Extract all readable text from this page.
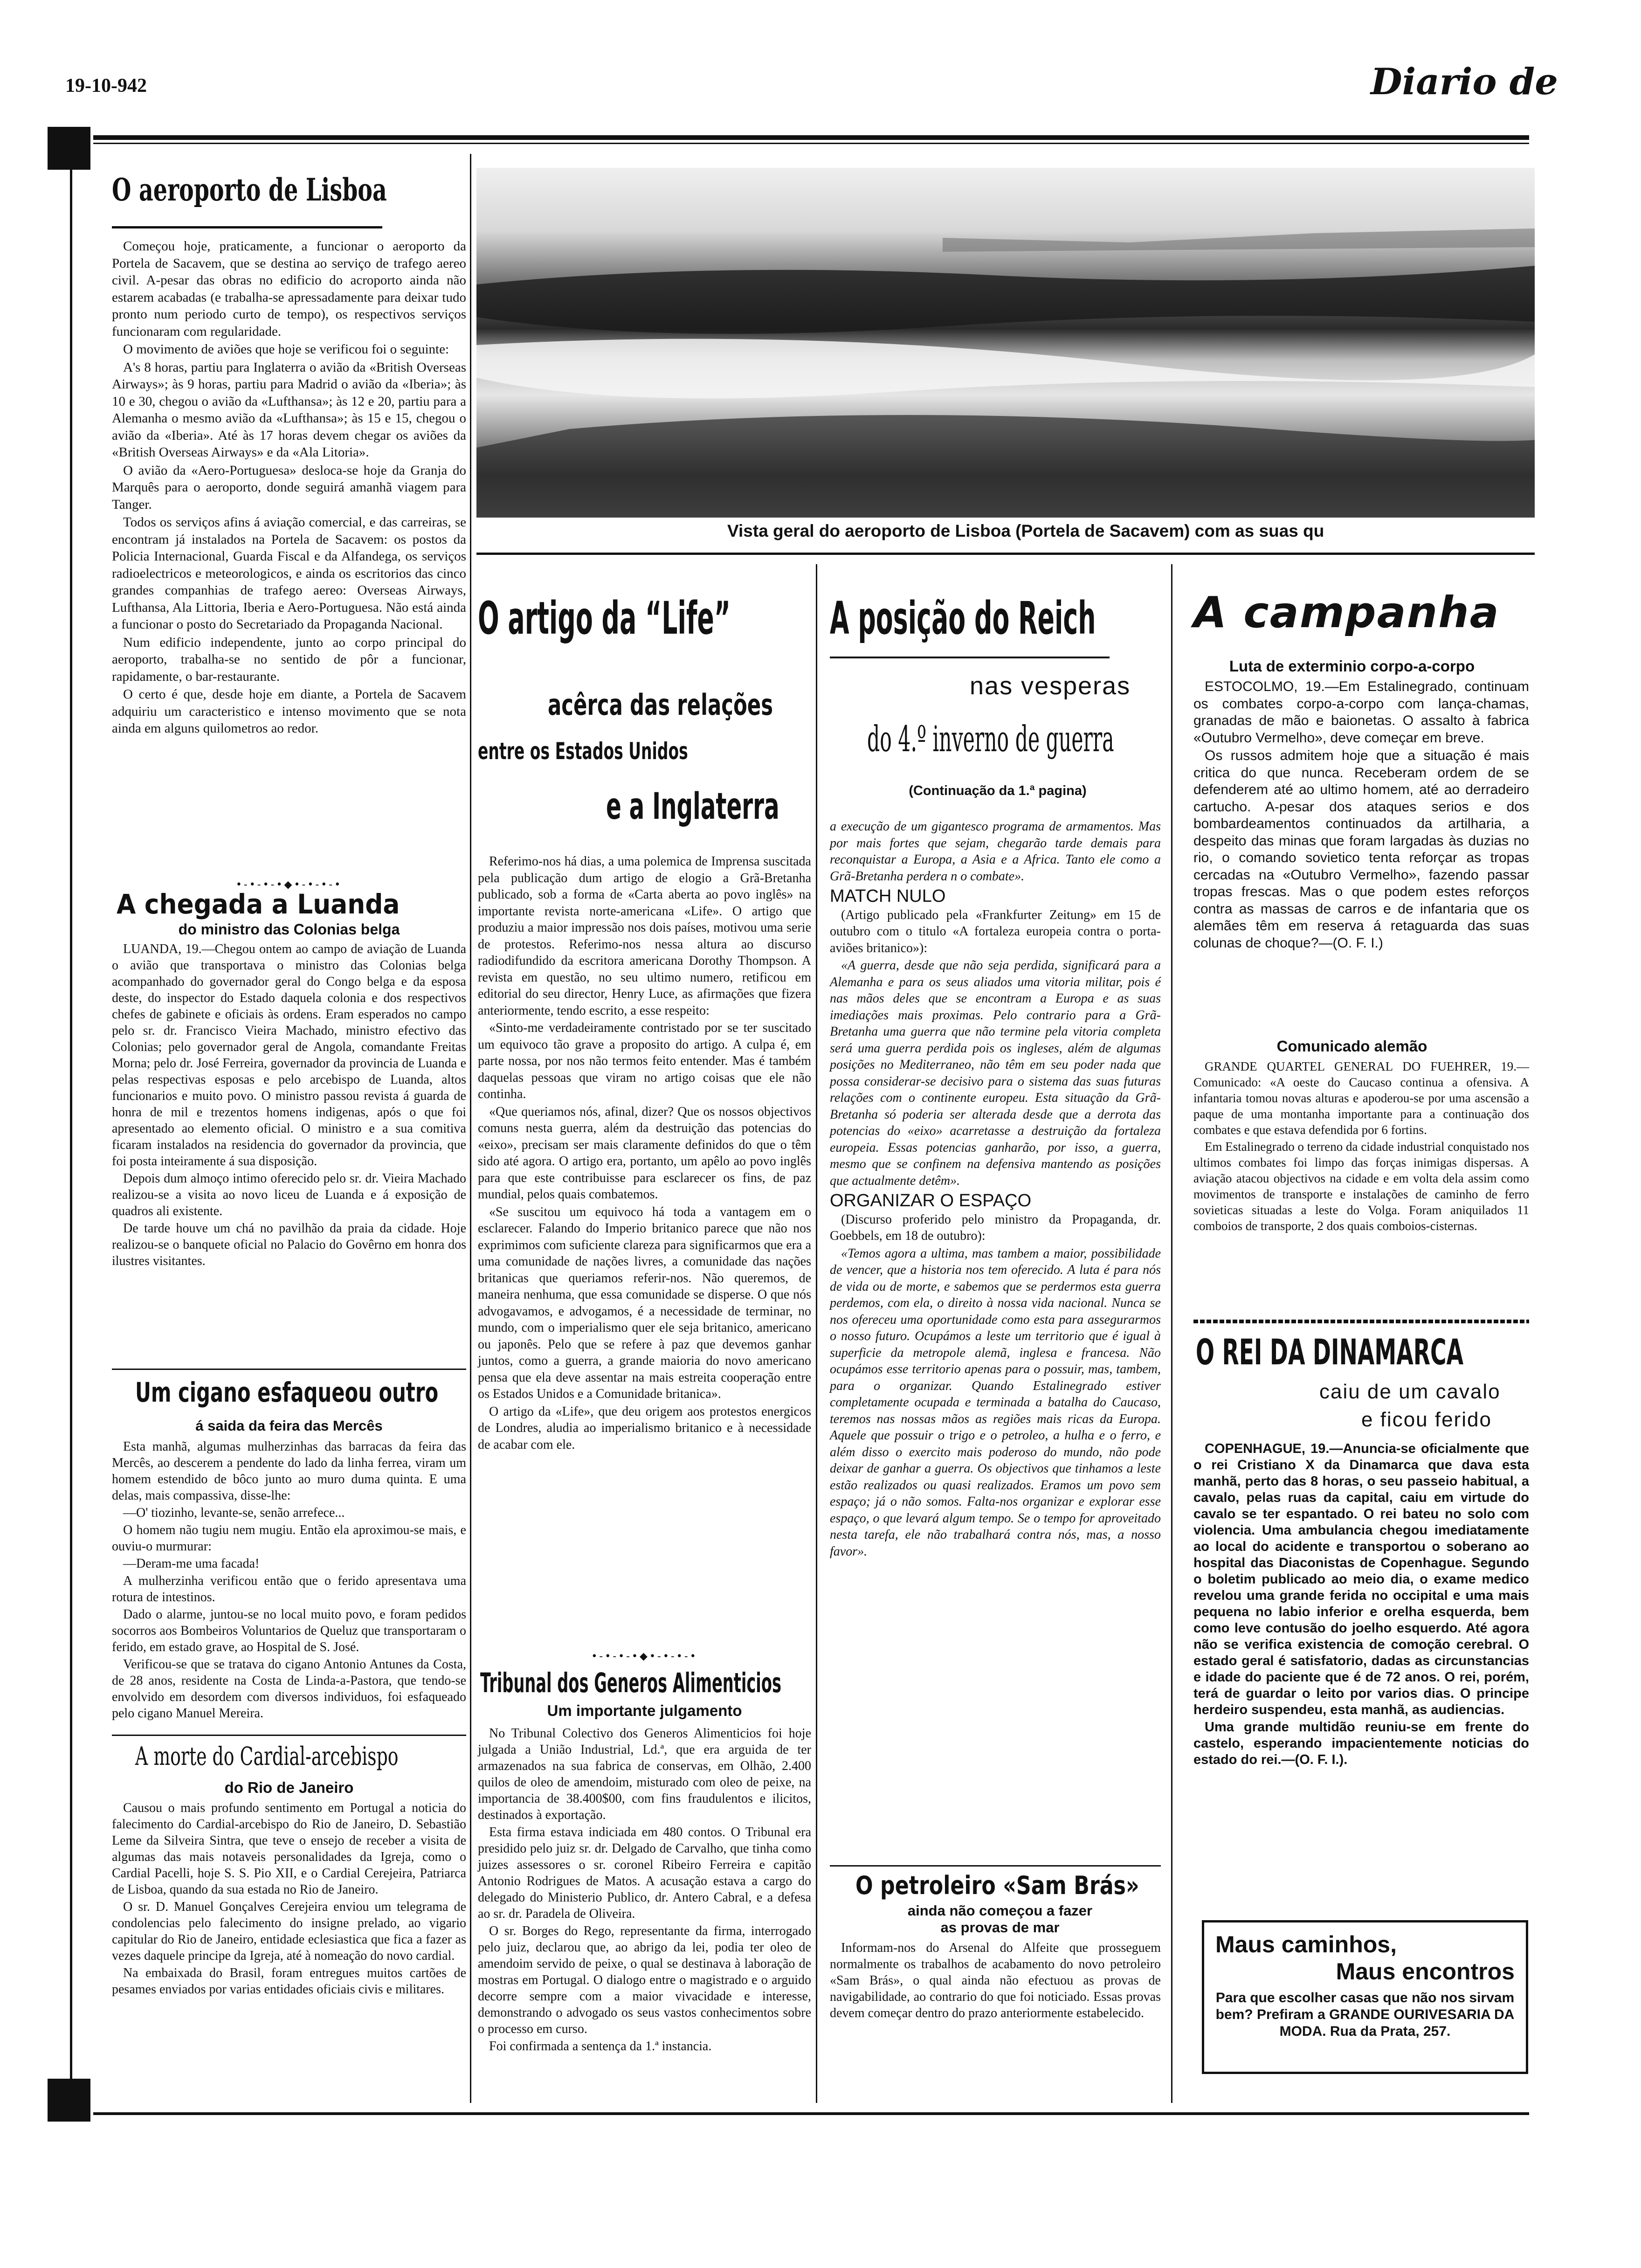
19-10-942	Diario de
Vista geral do aeroporto de Lisboa (Portela de Sacavem) com as suas qu
O aeroporto de Lisboa

Começou hoje, praticamente, a funcionar o aeroporto da Portela de Sacavem, que se destina ao serviço de trafego aereo civil. A-pesar das obras no edificio do acroporto ainda não estarem acabadas (e trabalha-se apressadamente para deixar tudo pronto num periodo curto de tempo), os respectivos serviços funcionaram com regularidade.

O movimento de aviões que hoje se verificou foi o seguinte:

A's 8 horas, partiu para Inglaterra o avião da «British Overseas Airways»; às 9 horas, partiu para Madrid o avião da «Iberia»; às 10 e 30, chegou o avião da «Lufthansa»; às 12 e 20, partiu para a Alemanha o mesmo avião da «Lufthansa»; às 15 e 15, chegou o avião da «Iberia». Até às 17 horas devem chegar os aviões da «British Overseas Airways» e da «Ala Litoria».

O avião da «Aero-Portuguesa» desloca-se hoje da Granja do Marquês para o aeroporto, donde seguirá amanhã viagem para Tanger.

Todos os serviços afins á aviação comercial, e das carreiras, se encontram já instalados na Portela de Sacavem: os postos da Policia Internacional, Guarda Fiscal e da Alfandega, os serviços radioelectricos e meteorologicos, e ainda os escritorios das cinco grandes companhias de trafego aereo: Overseas Airways, Lufthansa, Ala Littoria, Iberia e Aero-Portuguesa. Não está ainda a funcionar o posto do Secretariado da Propaganda Nacional.

Num edificio independente, junto ao corpo principal do aeroporto, trabalha-se no sentido de pôr a funcionar, rapidamente, o bar-restaurante.

O certo é que, desde hoje em diante, a Portela de Sacavem adquiriu um caracteristico e intenso movimento que se nota ainda em alguns quilometros ao redor.

•-•-•-•◆•-•-•-•
A chegada a Luanda
do ministro das Colonias belga

LUANDA, 19.—Chegou ontem ao campo de aviação de Luanda o avião que transportava o ministro das Colonias belga acompanhado do governador geral do Congo belga e da esposa deste, do inspector do Estado daquela colonia e dos respectivos chefes de gabinete e oficiais às ordens. Eram esperados no campo pelo sr. dr. Francisco Vieira Machado, ministro efectivo das Colonias; pelo governador geral de Angola, comandante Freitas Morna; pelo dr. José Ferreira, governador da provincia de Luanda e pelas respectivas esposas e pelo arcebispo de Luanda, altos funcionarios e muito povo. O ministro passou revista á guarda de honra de mil e trezentos homens indigenas, após o que foi apresentado ao elemento oficial. O ministro e a sua comitiva ficaram instalados na residencia do governador da provincia, que foi posta inteiramente á sua disposição.

Depois dum almoço intimo oferecido pelo sr. dr. Vieira Machado realizou-se a visita ao novo liceu de Luanda e á exposição de quadros ali existente.

De tarde houve um chá no pavilhão da praia da cidade. Hoje realizou-se o banquete oficial no Palacio do Govêrno em honra dos ilustres visitantes.

Um cigano esfaqueou outro
á saida da feira das Mercês

Esta manhã, algumas mulherzinhas das barracas da feira das Mercês, ao descerem a pendente do lado da linha ferrea, viram um homem estendido de bôco junto ao muro duma quinta. E uma delas, mais compassiva, disse-lhe:

—O' tiozinho, levante-se, senão arrefece...

O homem não tugiu nem mugiu. Então ela aproximou-se mais, e ouviu-o murmurar:

—Deram-me uma facada!

A mulherzinha verificou então que o ferido apresentava uma rotura de intestinos.

Dado o alarme, juntou-se no local muito povo, e foram pedidos socorros aos Bombeiros Voluntarios de Queluz que transportaram o ferido, em estado grave, ao Hospital de S. José.

Verificou-se que se tratava do cigano Antonio Antunes da Costa, de 28 anos, residente na Costa de Linda-a-Pastora, que tendo-se envolvido em desordem com diversos individuos, foi esfaqueado pelo cigano Manuel Mereira.

A morte do Cardial-arcebispo
do Rio de Janeiro

Causou o mais profundo sentimento em Portugal a noticia do falecimento do Cardial-arcebispo do Rio de Janeiro, D. Sebastião Leme da Silveira Sintra, que teve o ensejo de receber a visita de algumas das mais notaveis personalidades da Igreja, como o Cardial Pacelli, hoje S. S. Pio XII, e o Cardial Cerejeira, Patriarca de Lisboa, quando da sua estada no Rio de Janeiro.

O sr. D. Manuel Gonçalves Cerejeira enviou um telegrama de condolencias pelo falecimento do insigne prelado, ao vigario capitular do Rio de Janeiro, entidade eclesiastica que fica a fazer as vezes daquele principe da Igreja, até à nomeação do novo cardial.

Na embaixada do Brasil, foram entregues muitos cartões de pesames enviados por varias entidades oficiais civis e militares.

O artigo da “Life”
acêrca das relações
entre os Estados Unidos
e a Inglaterra

Referimo-nos há dias, a uma polemica de Imprensa suscitada pela publicação dum artigo de elogio a Grã-Bretanha publicado, sob a forma de «Carta aberta ao povo inglês» na importante revista norte-americana «Life». O artigo que produziu a maior impressão nos dois países, motivou uma serie de protestos. Referimo-nos nessa altura ao discurso radiodifundido da escritora americana Dorothy Thompson. A revista em questão, no seu ultimo numero, retificou em editorial do seu director, Henry Luce, as afirmações que fizera anteriormente, tendo escrito, a esse respeito:

«Sinto-me verdadeiramente contristado por se ter suscitado um equivoco tão grave a proposito do artigo. A culpa é, em parte nossa, por nos não termos feito entender. Mas é também daquelas pessoas que viram no artigo coisas que ele não continha.

«Que queriamos nós, afinal, dizer? Que os nossos objectivos comuns nesta guerra, além da destruição das potencias do «eixo», precisam ser mais claramente definidos do que o têm sido até agora. O artigo era, portanto, um apêlo ao povo inglês para que este contribuisse para esclarecer os fins, de paz mundial, pelos quais combatemos.

«Se suscitou um equivoco há toda a vantagem em o esclarecer. Falando do Imperio britanico parece que não nos exprimimos com suficiente clareza para significarmos que era a uma comunidade de nações livres, a comunidade das nações britanicas que queriamos referir-nos. Não queremos, de maneira nenhuma, que essa comunidade se disperse. O que nós advogavamos, e advogamos, é a necessidade de terminar, no mundo, com o imperialismo quer ele seja britanico, americano ou japonês. Pelo que se refere à paz que devemos ganhar juntos, como a guerra, a grande maioria do novo americano pensa que ela deve assentar na mais estreita cooperação entre os Estados Unidos e a Comunidade britanica».

O artigo da «Life», que deu origem aos protestos energicos de Londres, aludia ao imperialismo britanico e à necessidade de acabar com ele.

•-•-•-•◆•-•-•-•
Tribunal dos Generos Alimenticios
Um importante julgamento

No Tribunal Colectivo dos Generos Alimenticios foi hoje julgada a União Industrial, Ld.ª, que era arguida de ter armazenados na sua fabrica de conservas, em Olhão, 2.400 quilos de oleo de amendoim, misturado com oleo de peixe, na importancia de 38.400$00, com fins fraudulentos e ilicitos, destinados à exportação.

Esta firma estava indiciada em 480 contos. O Tribunal era presidido pelo juiz sr. dr. Delgado de Carvalho, que tinha como juizes assessores o sr. coronel Ribeiro Ferreira e capitão Antonio Rodrigues de Matos. A acusação estava a cargo do delegado do Ministerio Publico, dr. Antero Cabral, e a defesa ao sr. dr. Paradela de Oliveira.

O sr. Borges do Rego, representante da firma, interrogado pelo juiz, declarou que, ao abrigo da lei, podia ter oleo de amendoim servido de peixe, o qual se destinava à laboração de mostras em Portugal. O dialogo entre o magistrado e o arguido decorre sempre com a maior vivacidade e interesse, demonstrando o advogado os seus vastos conhecimentos sobre o processo em curso.

Foi confirmada a sentença da 1.ª instancia.

A posição do Reich
nas vesperas
do 4.º inverno de guerra
(Continuação da 1.ª pagina)

a execução de um gigantesco programa de armamentos. Mas por mais fortes que sejam, chegarão tarde demais para reconquistar a Europa, a Asia e a Africa. Tanto ele como a Grã-Bretanha perdera n o combate».

MATCH NULO

(Artigo publicado pela «Frankfurter Zeitung» em 15 de outubro com o titulo «A fortaleza europeia contra o porta-aviões britanico»):

«A guerra, desde que não seja perdida, significará para a Alemanha e para os seus aliados uma vitoria militar, pois é nas mãos deles que se encontram a Europa e as suas imediações mais proximas. Pelo contrario para a Grã-Bretanha uma guerra que não termine pela vitoria completa será uma guerra perdida pois os ingleses, além de algumas posições no Mediterraneo, não têm em seu poder nada que possa considerar-se decisivo para o sistema das suas futuras relações com o continente europeu. Esta situação da Grã-Bretanha só poderia ser alterada desde que a derrota das potencias do «eixo» acarretasse a destruição da fortaleza europeia. Essas potencias ganharão, por isso, a guerra, mesmo que se confinem na defensiva mantendo as posições que actualmente detêm».

ORGANIZAR O ESPAÇO

(Discurso proferido pelo ministro da Propaganda, dr. Goebbels, em 18 de outubro):

«Temos agora a ultima, mas tambem a maior, possibilidade de vencer, que a historia nos tem oferecido. A luta é para nós de vida ou de morte, e sabemos que se perdermos esta guerra perdemos, com ela, o direito à nossa vida nacional. Nunca se nos ofereceu uma oportunidade como esta para assegurarmos o nosso futuro. Ocupámos a leste um territorio que é igual à superficie da metropole alemã, inglesa e francesa. Não ocupámos esse territorio apenas para o possuir, mas, tambem, para o organizar. Quando Estalinegrado estiver completamente ocupada e terminada a batalha do Caucaso, teremos nas nossas mãos as regiões mais ricas da Europa. Aquele que possuir o trigo e o petroleo, a hulha e o ferro, e além disso o exercito mais poderoso do mundo, não pode deixar de ganhar a guerra. Os objectivos que tinhamos a leste estão realizados ou quasi realizados. Eramos um povo sem espaço; já o não somos. Falta-nos organizar e explorar esse espaço, o que levará algum tempo. Se o tempo for aproveitado nesta tarefa, ele não trabalhará contra nós, mas, a nosso favor».

O petroleiro «Sam Brás»
ainda não começou a fazer as provas de mar

Informam-nos do Arsenal do Alfeite que prosseguem normalmente os trabalhos de acabamento do novo petroleiro «Sam Brás», o qual ainda não efectuou as provas de navigabilidade, ao contrario do que foi noticiado. Essas provas devem começar dentro do prazo anteriormente estabelecido.

A campanha
Luta de exterminio corpo-a-corpo

ESTOCOLMO, 19.—Em Estalinegrado, continuam os combates corpo-a-corpo com lança-chamas, granadas de mão e baionetas. O assalto à fabrica «Outubro Vermelho», deve começar em breve.

Os russos admitem hoje que a situação é mais critica do que nunca. Receberam ordem de se defenderem até ao ultimo homem, até ao derradeiro cartucho. A-pesar dos ataques serios e dos bombardeamentos continuados da artilharia, a despeito das minas que foram largadas às duzias no rio, o comando sovietico tenta reforçar as tropas cercadas na «Outubro Vermelho», fazendo passar tropas frescas. Mas o que podem estes reforços contra as massas de carros e de infantaria que os alemães têm em reserva á retaguarda das suas colunas de choque?—(O. F. I.)

Comunicado alemão

GRANDE QUARTEL GENERAL DO FUEHRER, 19.—Comunicado: «A oeste do Caucaso continua a ofensiva. A infantaria tomou novas alturas e apoderou-se por uma ascensão a paque de uma montanha importante para a continuação dos combates e que estava defendida por 6 fortins.

Em Estalinegrado o terreno da cidade industrial conquistado nos ultimos combates foi limpo das forças inimigas dispersas. A aviação atacou objectivos na cidade e em volta dela assim como movimentos de transporte e instalações de caminho de ferro sovieticas situadas a leste do Volga. Foram aniquilados 11 comboios de transporte, 2 dos quais comboios-cisternas.

O REI DA DINAMARCA
caiu de um cavalo
e ficou ferido

COPENHAGUE, 19.—Anuncia-se oficialmente que o rei Cristiano X da Dinamarca que dava esta manhã, perto das 8 horas, o seu passeio habitual, a cavalo, pelas ruas da capital, caiu em virtude do cavalo se ter espantado. O rei bateu no solo com violencia. Uma ambulancia chegou imediatamente ao local do acidente e transportou o soberano ao hospital das Diaconistas de Copenhague. Segundo o boletim publicado ao meio dia, o exame medico revelou uma grande ferida no occipital e uma mais pequena no labio inferior e orelha esquerda, bem como leve contusão do joelho esquerdo. Até agora não se verifica existencia de comoção cerebral. O estado geral é satisfatorio, dadas as circunstancias e idade do paciente que é de 72 anos. O rei, porém, terá de guardar o leito por varios dias. O principe herdeiro suspendeu, esta manhã, as audiencias.

Uma grande multidão reuniu-se em frente do castelo, esperando impacientemente noticias do estado do rei.—(O. F. I.).

Maus caminhos,
Maus encontros
Para que escolher casas que não nos sirvam bem? Prefiram a GRANDE OURIVESARIA DA MODA. Rua da Prata, 257.
